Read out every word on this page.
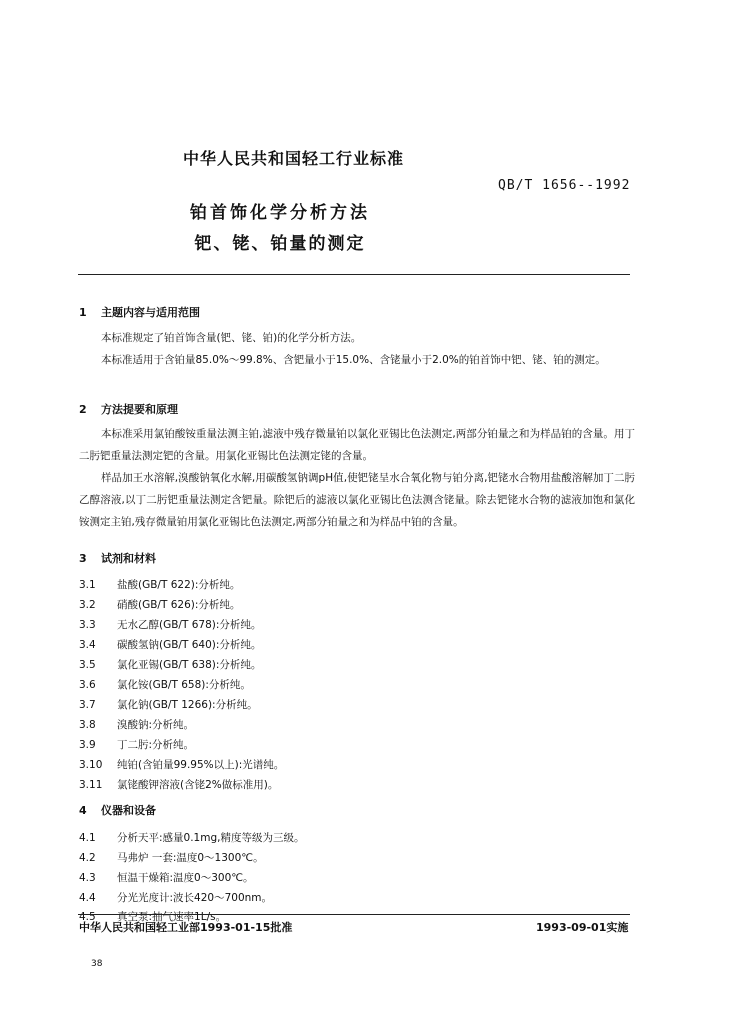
中华人民共和国轻工行业标准
QB/T 1656--1992
铂首饰化学分析方法
钯、铑、铂量的测定
1 主题内容与适用范围
本标准规定了铂首饰含量(钯、铑、铂)的化学分析方法。
本标准适用于含铂量85.0%～99.8%、含钯量小于15.0%、含铑量小于2.0%的铂首饰中钯、铑、铂的测定。
2 方法提要和原理
本标准采用氯铂酸铵重量法测主铂,滤液中残存微量铂以氯化亚锡比色法测定,两部分铂量之和为样品铂的含量。用丁二肟钯重量法测定钯的含量。用氯化亚锡比色法测定铑的含量。
样品加王水溶解,溴酸钠氧化水解,用碳酸氢钠调pH值,使钯铑呈水合氧化物与铂分离,钯铑水合物用盐酸溶解加丁二肟乙醇溶液,以丁二肟钯重量法测定含钯量。除钯后的滤液以氯化亚锡比色法测含铑量。除去钯铑水合物的滤液加饱和氯化铵测定主铂,残存微量铂用氯化亚锡比色法测定,两部分铂量之和为样品中铂的含量。
3 试剂和材料
3.1 盐酸(GB/T 622):分析纯。
3.2 硝酸(GB/T 626):分析纯。
3.3 无水乙醇(GB/T 678):分析纯。
3.4 碳酸氢钠(GB/T 640):分析纯。
3.5 氯化亚锡(GB/T 638):分析纯。
3.6 氯化铵(GB/T 658):分析纯。
3.7 氯化钠(GB/T 1266):分析纯。
3.8 溴酸钠:分析纯。
3.9 丁二肟:分析纯。
3.10 纯铂(含铂量99.95%以上):光谱纯。
3.11 氯铑酸钾溶液(含铑2%做标准用)。
4 仪器和设备
4.1 分析天平:感量0.1mg,精度等级为三级。
4.2 马弗炉 一套:温度0～1300℃。
4.3 恒温干燥箱:温度0～300℃。
4.4 分光光度计:波长420～700nm。
4.5 真空泵:抽气速率1L/s。
中华人民共和国轻工业部1993-01-15批准	1993-09-01实施
38
